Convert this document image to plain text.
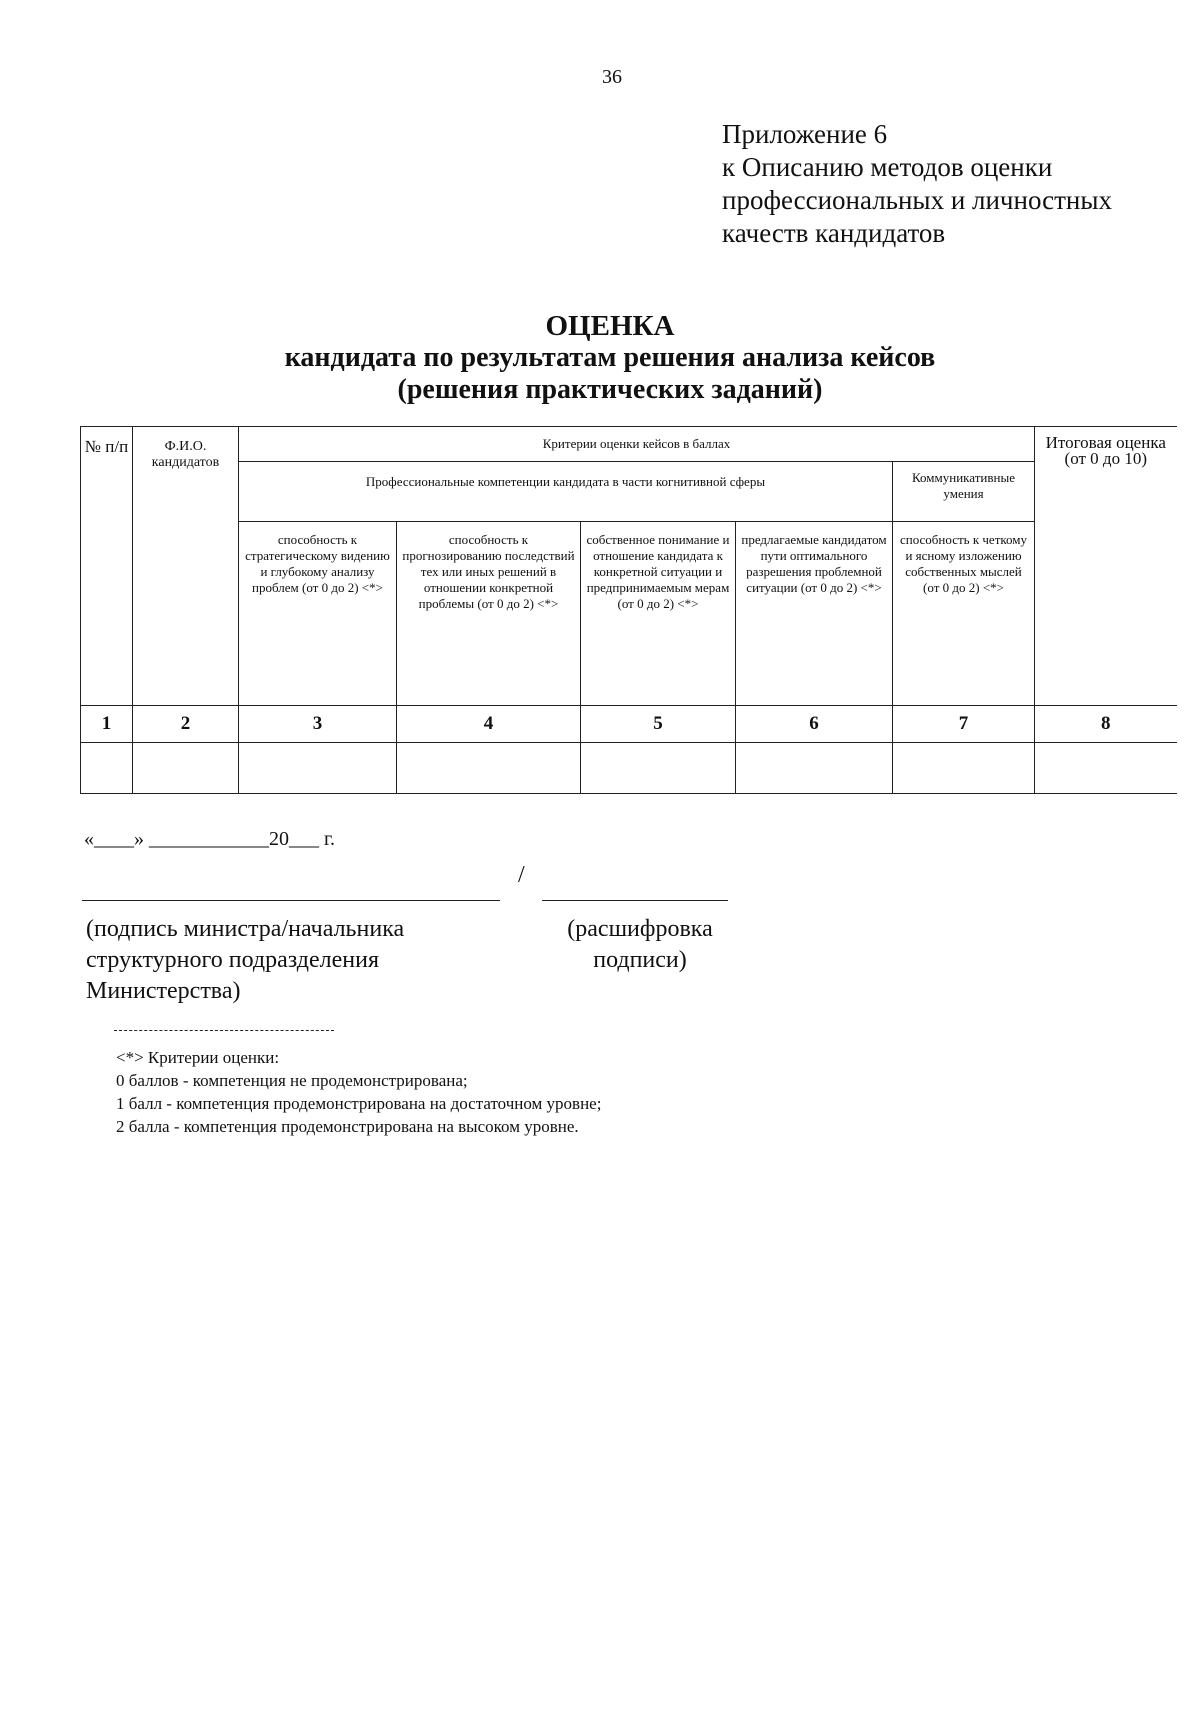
36
Приложение 6
к Описанию методов оценки
профессиональных и личностных
качеств кандидатов
ОЦЕНКА
кандидата по результатам решения анализа кейсов
(решения практических заданий)
№ п/п	Ф.И.О. кандидатов	Критерии оценки кейсов в баллах					Итоговая оценка (от 0 до 10)
		Профессиональные компетенции кандидата в части когнитивной сферы				Коммуникативные умения	
		способность к стратегическому видению и глубокому анализу проблем (от 0 до 2) <*>	способность к прогнозированию последствий тех или иных решений в отношении конкретной проблемы (от 0 до 2) <*>	собственное понимание и отношение кандидата к конкретной ситуации и предпринимаемым мерам (от 0 до 2) <*>	предлагаемые кандидатом пути оптимального разрешения проблемной ситуации (от 0 до 2) <*>	способность к четкому и ясному изложению собственных мыслей (от 0 до 2) <*>	
1	2	3	4	5	6	7	8

«____» ____________20___ г.
/
(подпись министра/начальника
структурного подразделения
Министерства)
(расшифровка
подписи)
<*> Критерии оценки:
0 баллов - компетенция не продемонстрирована;
1 балл - компетенция продемонстрирована на достаточном уровне;
2 балла - компетенция продемонстрирована на высоком уровне.
